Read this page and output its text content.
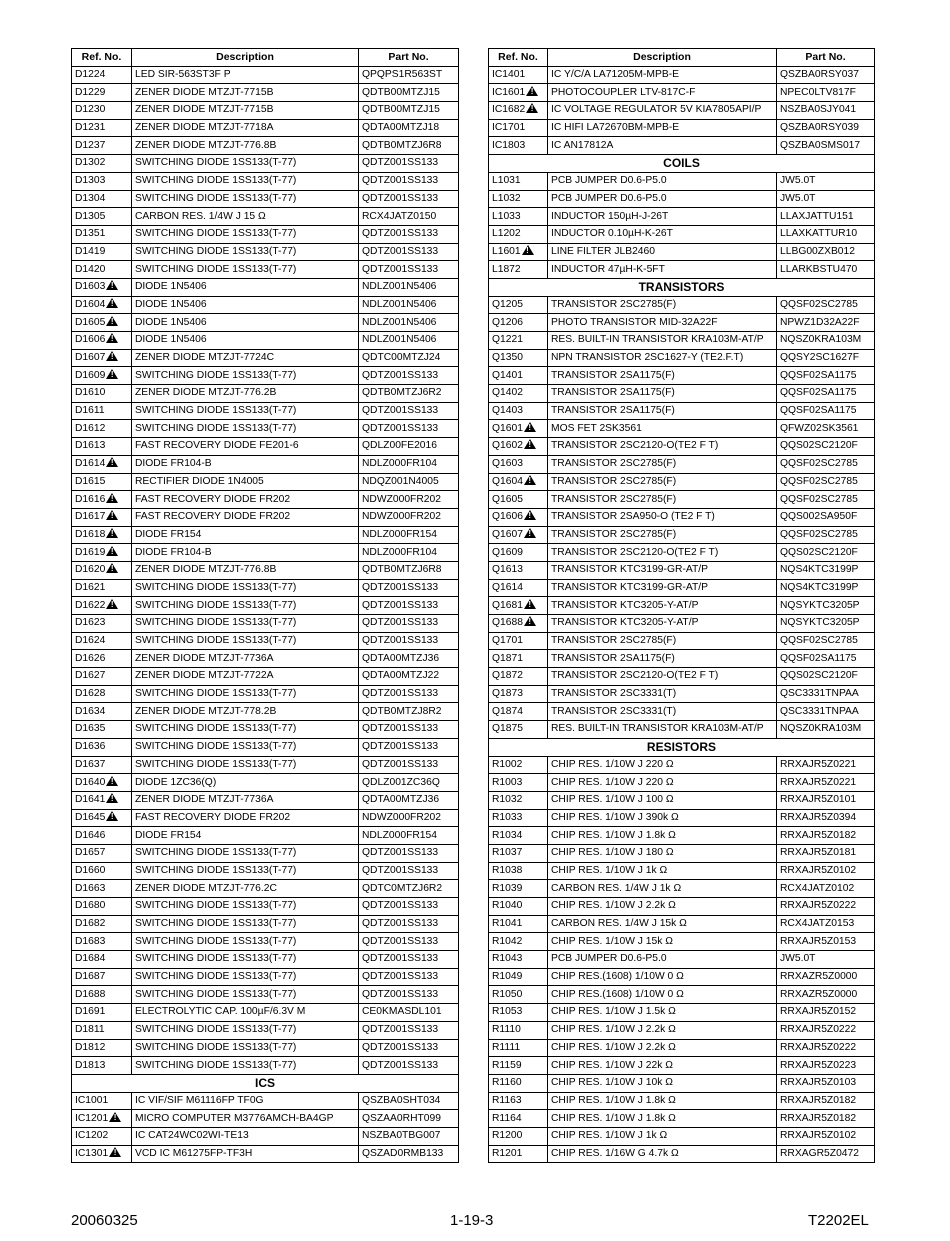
Ref. No.	Description	Part No.
D1224	LED SIR-563ST3F P	QPQPS1R563ST
D1229	ZENER DIODE MTZJT-7715B	QDTB00MTZJ15
D1230	ZENER DIODE MTZJT-7715B	QDTB00MTZJ15
D1231	ZENER DIODE MTZJT-7718A	QDTA00MTZJ18
D1237	ZENER DIODE MTZJT-776.8B	QDTB0MTZJ6R8
D1302	SWITCHING DIODE 1SS133(T-77)	QDTZ001SS133
D1303	SWITCHING DIODE 1SS133(T-77)	QDTZ001SS133
D1304	SWITCHING DIODE 1SS133(T-77)	QDTZ001SS133
D1305	CARBON RES. 1/4W J 15 Ω	RCX4JATZ0150
D1351	SWITCHING DIODE 1SS133(T-77)	QDTZ001SS133
D1419	SWITCHING DIODE 1SS133(T-77)	QDTZ001SS133
D1420	SWITCHING DIODE 1SS133(T-77)	QDTZ001SS133
D1603!	DIODE 1N5406	NDLZ001N5406
D1604!	DIODE 1N5406	NDLZ001N5406
D1605!	DIODE 1N5406	NDLZ001N5406
D1606!	DIODE 1N5406	NDLZ001N5406
D1607!	ZENER DIODE MTZJT-7724C	QDTC00MTZJ24
D1609!	SWITCHING DIODE 1SS133(T-77)	QDTZ001SS133
D1610	ZENER DIODE MTZJT-776.2B	QDTB0MTZJ6R2
D1611	SWITCHING DIODE 1SS133(T-77)	QDTZ001SS133
D1612	SWITCHING DIODE 1SS133(T-77)	QDTZ001SS133
D1613	FAST RECOVERY DIODE FE201-6	QDLZ00FE2016
D1614!	DIODE FR104-B	NDLZ000FR104
D1615	RECTIFIER DIODE 1N4005	NDQZ001N4005
D1616!	FAST RECOVERY DIODE FR202	NDWZ000FR202
D1617!	FAST RECOVERY DIODE FR202	NDWZ000FR202
D1618!	DIODE FR154	NDLZ000FR154
D1619!	DIODE FR104-B	NDLZ000FR104
D1620!	ZENER DIODE MTZJT-776.8B	QDTB0MTZJ6R8
D1621	SWITCHING DIODE 1SS133(T-77)	QDTZ001SS133
D1622!	SWITCHING DIODE 1SS133(T-77)	QDTZ001SS133
D1623	SWITCHING DIODE 1SS133(T-77)	QDTZ001SS133
D1624	SWITCHING DIODE 1SS133(T-77)	QDTZ001SS133
D1626	ZENER DIODE MTZJT-7736A	QDTA00MTZJ36
D1627	ZENER DIODE MTZJT-7722A	QDTA00MTZJ22
D1628	SWITCHING DIODE 1SS133(T-77)	QDTZ001SS133
D1634	ZENER DIODE MTZJT-778.2B	QDTB0MTZJ8R2
D1635	SWITCHING DIODE 1SS133(T-77)	QDTZ001SS133
D1636	SWITCHING DIODE 1SS133(T-77)	QDTZ001SS133
D1637	SWITCHING DIODE 1SS133(T-77)	QDTZ001SS133
D1640!	DIODE 1ZC36(Q)	QDLZ001ZC36Q
D1641!	ZENER DIODE MTZJT-7736A	QDTA00MTZJ36
D1645!	FAST RECOVERY DIODE FR202	NDWZ000FR202
D1646	DIODE FR154	NDLZ000FR154
D1657	SWITCHING DIODE 1SS133(T-77)	QDTZ001SS133
D1660	SWITCHING DIODE 1SS133(T-77)	QDTZ001SS133
D1663	ZENER DIODE MTZJT-776.2C	QDTC0MTZJ6R2
D1680	SWITCHING DIODE 1SS133(T-77)	QDTZ001SS133
D1682	SWITCHING DIODE 1SS133(T-77)	QDTZ001SS133
D1683	SWITCHING DIODE 1SS133(T-77)	QDTZ001SS133
D1684	SWITCHING DIODE 1SS133(T-77)	QDTZ001SS133
D1687	SWITCHING DIODE 1SS133(T-77)	QDTZ001SS133
D1688	SWITCHING DIODE 1SS133(T-77)	QDTZ001SS133
D1691	ELECTROLYTIC CAP. 100µF/6.3V M	CE0KMASDL101
D1811	SWITCHING DIODE 1SS133(T-77)	QDTZ001SS133
D1812	SWITCHING DIODE 1SS133(T-77)	QDTZ001SS133
D1813	SWITCHING DIODE 1SS133(T-77)	QDTZ001SS133
ICS		
IC1001	IC VIF/SIF M61116FP TF0G	QSZBA0SHT034
IC1201!	MICRO COMPUTER M3776AMCH-BA4GP	QSZAA0RHT099
IC1202	IC CAT24WC02WI-TE13	NSZBA0TBG007
IC1301!	VCD IC M61275FP-TF3H	QSZAD0RMB133
Ref. No.	Description	Part No.
IC1401	IC Y/C/A LA71205M-MPB-E	QSZBA0RSY037
IC1601!	PHOTOCOUPLER LTV-817C-F	NPEC0LTV817F
IC1682!	IC VOLTAGE REGULATOR 5V KIA7805API/P	NSZBA0SJY041
IC1701	IC HIFI LA72670BM-MPB-E	QSZBA0RSY039
IC1803	IC AN17812A	QSZBA0SMS017
COILS		
L1031	PCB JUMPER D0.6-P5.0	JW5.0T
L1032	PCB JUMPER D0.6-P5.0	JW5.0T
L1033	INDUCTOR 150µH-J-26T	LLAXJATTU151
L1202	INDUCTOR 0.10µH-K-26T	LLAXKATTUR10
L1601!	LINE FILTER JLB2460	LLBG00ZXB012
L1872	INDUCTOR 47µH-K-5FT	LLARKBSTU470
TRANSISTORS		
Q1205	TRANSISTOR 2SC2785(F)	QQSF02SC2785
Q1206	PHOTO TRANSISTOR MID-32A22F	NPWZ1D32A22F
Q1221	RES. BUILT-IN TRANSISTOR KRA103M-AT/P	NQSZ0KRA103M
Q1350	NPN TRANSISTOR 2SC1627-Y (TE2.F.T)	QQSY2SC1627F
Q1401	TRANSISTOR 2SA1175(F)	QQSF02SA1175
Q1402	TRANSISTOR 2SA1175(F)	QQSF02SA1175
Q1403	TRANSISTOR 2SA1175(F)	QQSF02SA1175
Q1601!	MOS FET 2SK3561	QFWZ02SK3561
Q1602!	TRANSISTOR 2SC2120-O(TE2 F T)	QQS02SC2120F
Q1603	TRANSISTOR 2SC2785(F)	QQSF02SC2785
Q1604!	TRANSISTOR 2SC2785(F)	QQSF02SC2785
Q1605	TRANSISTOR 2SC2785(F)	QQSF02SC2785
Q1606!	TRANSISTOR 2SA950-O (TE2 F T)	QQS002SA950F
Q1607!	TRANSISTOR 2SC2785(F)	QQSF02SC2785
Q1609	TRANSISTOR 2SC2120-O(TE2 F T)	QQS02SC2120F
Q1613	TRANSISTOR KTC3199-GR-AT/P	NQS4KTC3199P
Q1614	TRANSISTOR KTC3199-GR-AT/P	NQS4KTC3199P
Q1681!	TRANSISTOR KTC3205-Y-AT/P	NQSYKTC3205P
Q1688!	TRANSISTOR KTC3205-Y-AT/P	NQSYKTC3205P
Q1701	TRANSISTOR 2SC2785(F)	QQSF02SC2785
Q1871	TRANSISTOR 2SA1175(F)	QQSF02SA1175
Q1872	TRANSISTOR 2SC2120-O(TE2 F T)	QQS02SC2120F
Q1873	TRANSISTOR 2SC3331(T)	QSC3331TNPAA
Q1874	TRANSISTOR 2SC3331(T)	QSC3331TNPAA
Q1875	RES. BUILT-IN TRANSISTOR KRA103M-AT/P	NQSZ0KRA103M
RESISTORS		
R1002	CHIP RES. 1/10W J 220 Ω	RRXAJR5Z0221
R1003	CHIP RES. 1/10W J 220 Ω	RRXAJR5Z0221
R1032	CHIP RES. 1/10W J 100 Ω	RRXAJR5Z0101
R1033	CHIP RES. 1/10W J 390k Ω	RRXAJR5Z0394
R1034	CHIP RES. 1/10W J 1.8k Ω	RRXAJR5Z0182
R1037	CHIP RES. 1/10W J 180 Ω	RRXAJR5Z0181
R1038	CHIP RES. 1/10W J 1k Ω	RRXAJR5Z0102
R1039	CARBON RES. 1/4W J 1k Ω	RCX4JATZ0102
R1040	CHIP RES. 1/10W J 2.2k Ω	RRXAJR5Z0222
R1041	CARBON RES. 1/4W J 15k Ω	RCX4JATZ0153
R1042	CHIP RES. 1/10W J 15k Ω	RRXAJR5Z0153
R1043	PCB JUMPER D0.6-P5.0	JW5.0T
R1049	CHIP RES.(1608) 1/10W 0 Ω	RRXAZR5Z0000
R1050	CHIP RES.(1608) 1/10W 0 Ω	RRXAZR5Z0000
R1053	CHIP RES. 1/10W J 1.5k Ω	RRXAJR5Z0152
R1110	CHIP RES. 1/10W J 2.2k Ω	RRXAJR5Z0222
R1111	CHIP RES. 1/10W J 2.2k Ω	RRXAJR5Z0222
R1159	CHIP RES. 1/10W J 22k Ω	RRXAJR5Z0223
R1160	CHIP RES. 1/10W J 10k Ω	RRXAJR5Z0103
R1163	CHIP RES. 1/10W J 1.8k Ω	RRXAJR5Z0182
R1164	CHIP RES. 1/10W J 1.8k Ω	RRXAJR5Z0182
R1200	CHIP RES. 1/10W J 1k Ω	RRXAJR5Z0102
R1201	CHIP RES. 1/16W G 4.7k Ω	RRXAGR5Z0472
20060325	1-19-3	T2202EL
